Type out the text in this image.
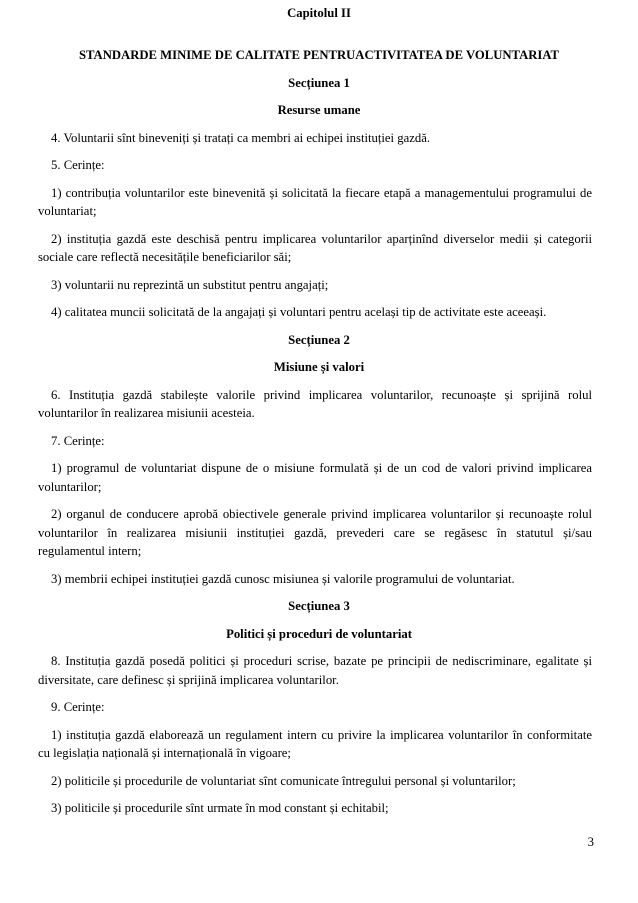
Capitolul II
STANDARDE MINIME DE CALITATE PENTRUACTIVITATEA DE VOLUNTARIAT
Secțiunea 1
Resurse umane

4. Voluntarii sînt bineveniți și tratați ca membri ai echipei instituției gazdă.

5. Cerințe:

1) contribuția voluntarilor este binevenită și solicitată la fiecare etapă a managementului programului de
voluntariat;

2) instituția gazdă este deschisă pentru implicarea voluntarilor aparținînd diverselor medii și categorii
sociale care reflectă necesitățile beneficiarilor săi;

3) voluntarii nu reprezintă un substitut pentru angajați;

4) calitatea muncii solicitată de la angajați și voluntari pentru același tip de activitate este aceeași.

Secțiunea 2
Misiune și valori

6. Instituția gazdă stabilește valorile privind implicarea voluntarilor, recunoaște și sprijină rolul
voluntarilor în realizarea misiunii acesteia.

7. Cerințe:

1) programul de voluntariat dispune de o misiune formulată și de un cod de valori privind implicarea
voluntarilor;

2) organul de conducere aprobă obiectivele generale privind implicarea voluntarilor și recunoaște rolul
voluntarilor în realizarea misiunii instituției gazdă, prevederi care se regăsesc în statutul și/sau
regulamentul intern;

3) membrii echipei instituției gazdă cunosc misiunea și valorile programului de voluntariat.

Secțiunea 3
Politici și proceduri de voluntariat

8. Instituția gazdă posedă politici și proceduri scrise, bazate pe principii de nediscriminare, egalitate și
diversitate, care definesc și sprijină implicarea voluntarilor.

9. Cerințe:

1) instituția gazdă elaborează un regulament intern cu privire la implicarea voluntarilor în conformitate
cu legislația națională și internațională în vigoare;

2) politicile și procedurile de voluntariat sînt comunicate întregului personal și voluntarilor;

3) politicile și procedurile sînt urmate în mod constant și echitabil;

3
